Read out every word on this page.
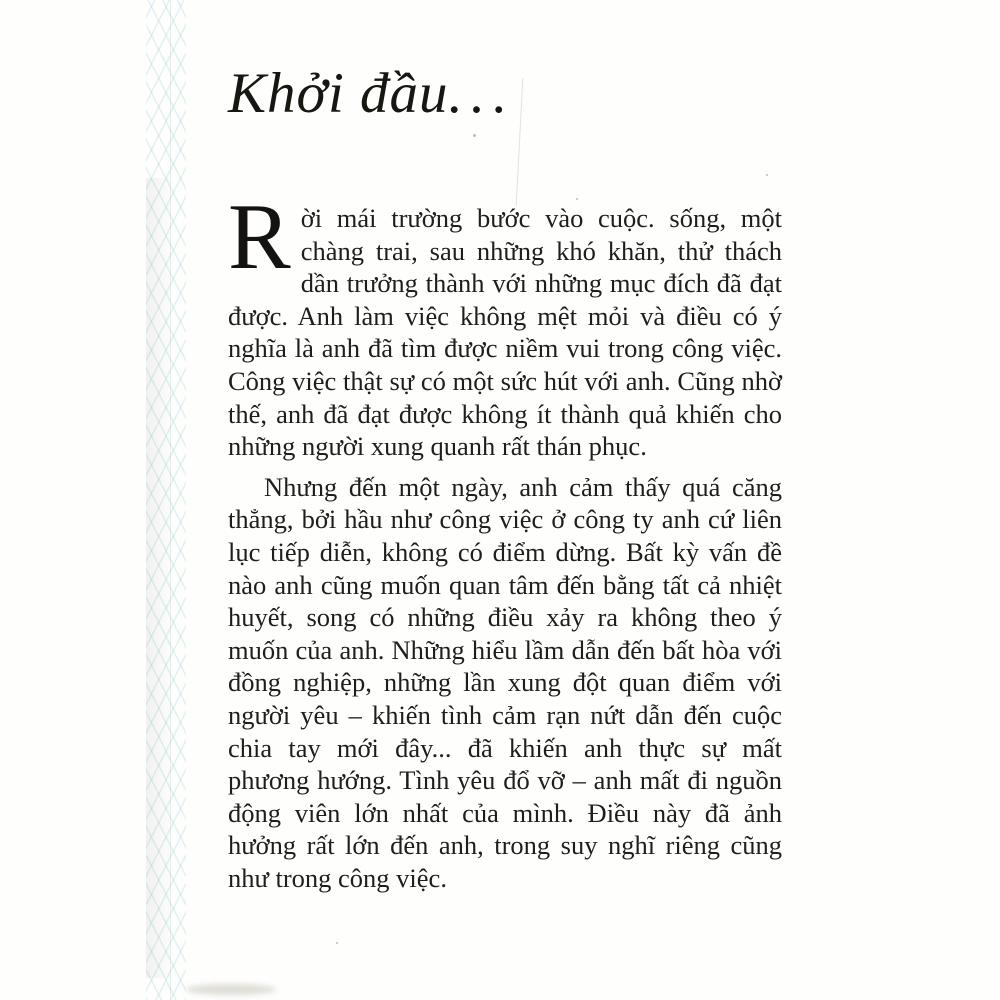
Khởi đầu...

Rời mái trường bước vào cuộc. sống, một chàng trai, sau những khó khăn, thử thách dần trưởng thành với những mục đích đã đạt được. Anh làm việc không mệt mỏi và điều có ý nghĩa là anh đã tìm được niềm vui trong công việc. Công việc thật sự có một sức hút với anh. Cũng nhờ thế, anh đã đạt được không ít thành quả khiến cho những người xung quanh rất thán phục.

Nhưng đến một ngày, anh cảm thấy quá căng thẳng, bởi hầu như công việc ở công ty anh cứ liên lục tiếp diễn, không có điểm dừng. Bất kỳ vấn đề nào anh cũng muốn quan tâm đến bằng tất cả nhiệt huyết, song có những điều xảy ra không theo ý muốn của anh. Những hiểu lầm dẫn đến bất hòa với đồng nghiệp, những lần xung đột quan điểm với người yêu – khiến tình cảm rạn nứt dẫn đến cuộc chia tay mới đây... đã khiến anh thực sự mất phương hướng. Tình yêu đổ vỡ – anh mất đi nguồn động viên lớn nhất của mình. Điều này đã ảnh hưởng rất lớn đến anh, trong suy nghĩ riêng cũng như trong công việc.
